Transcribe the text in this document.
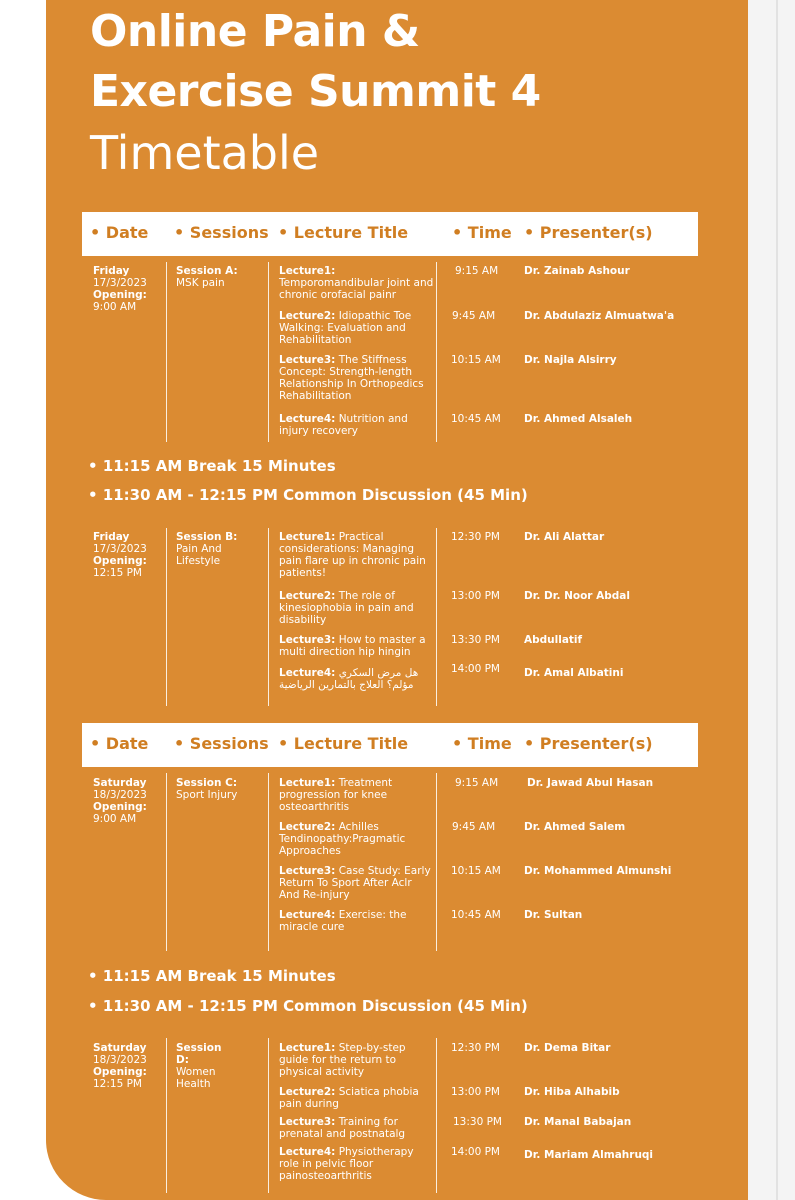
Online Pain &
Exercise Summit 4
Timetable
• Date • Sessions • Lecture Title	• Time • Presenter(s)
Friday
17/3/2023
Opening:
9:00 AM
Session A:
MSK pain
Lecture1:
Temporomandibular joint and chronic orofacial painr
Lecture2: Idiopathic Toe Walking: Evaluation and Rehabilitation
Lecture3: The Stiffness Concept: Strength-length Relationship In Orthopedics Rehabilitation
Lecture4: Nutrition and injury recovery
9:15 AM
9:45 AM
10:15 AM
10:45 AM
Dr. Zainab Ashour
Dr. Abdulaziz Almuatwa'a
Dr. Najla Alsirry
Dr. Ahmed Alsaleh
• 11:15 AM Break 15 Minutes
• 11:30 AM - 12:15 PM Common Discussion (45 Min)
Friday
17/3/2023
Opening:
12:15 PM
Session B:
Pain And Lifestyle
Lecture1: Practical considerations: Managing pain flare up in chronic pain patients!
Lecture2: The role of kinesiophobia in pain and disability
Lecture3: How to master a multi direction hip hingin
Lecture4: هل مرض السكري مؤلم؟ العلاج بالتمارين الرياضية
12:30 PM
13:00 PM
13:30 PM
14:00 PM
Dr. Ali Alattar
Dr. Dr. Noor Abdal
Abdullatif
Dr. Amal Albatini
• Date • Sessions • Lecture Title	• Time • Presenter(s)
Saturday
18/3/2023
Opening:
9:00 AM
Session C:
Sport Injury
Lecture1: Treatment progression for knee osteoarthritis
Lecture2: Achilles Tendinopathy:Pragmatic Approaches
Lecture3: Case Study: Early Return To Sport After Aclr And Re-injury
Lecture4: Exercise: the miracle cure
9:15 AM
9:45 AM
10:15 AM
10:45 AM
Dr. Jawad Abul Hasan
Dr. Ahmed Salem
Dr. Mohammed Almunshi
Dr. Sultan
• 11:15 AM Break 15 Minutes
• 11:30 AM - 12:15 PM Common Discussion (45 Min)
Saturday
18/3/2023
Opening:
12:15 PM
Session D:
Women Health
Lecture1: Step-by-step guide for the return to physical activity
Lecture2: Sciatica phobia pain during
Lecture3: Training for prenatal and postnatalg
Lecture4: Physiotherapy role in pelvic floor painosteoarthritis
12:30 PM
13:00 PM
13:30 PM
14:00 PM
Dr. Dema Bitar
Dr. Hiba Alhabib
Dr. Manal Babajan
Dr. Mariam Almahruqi
